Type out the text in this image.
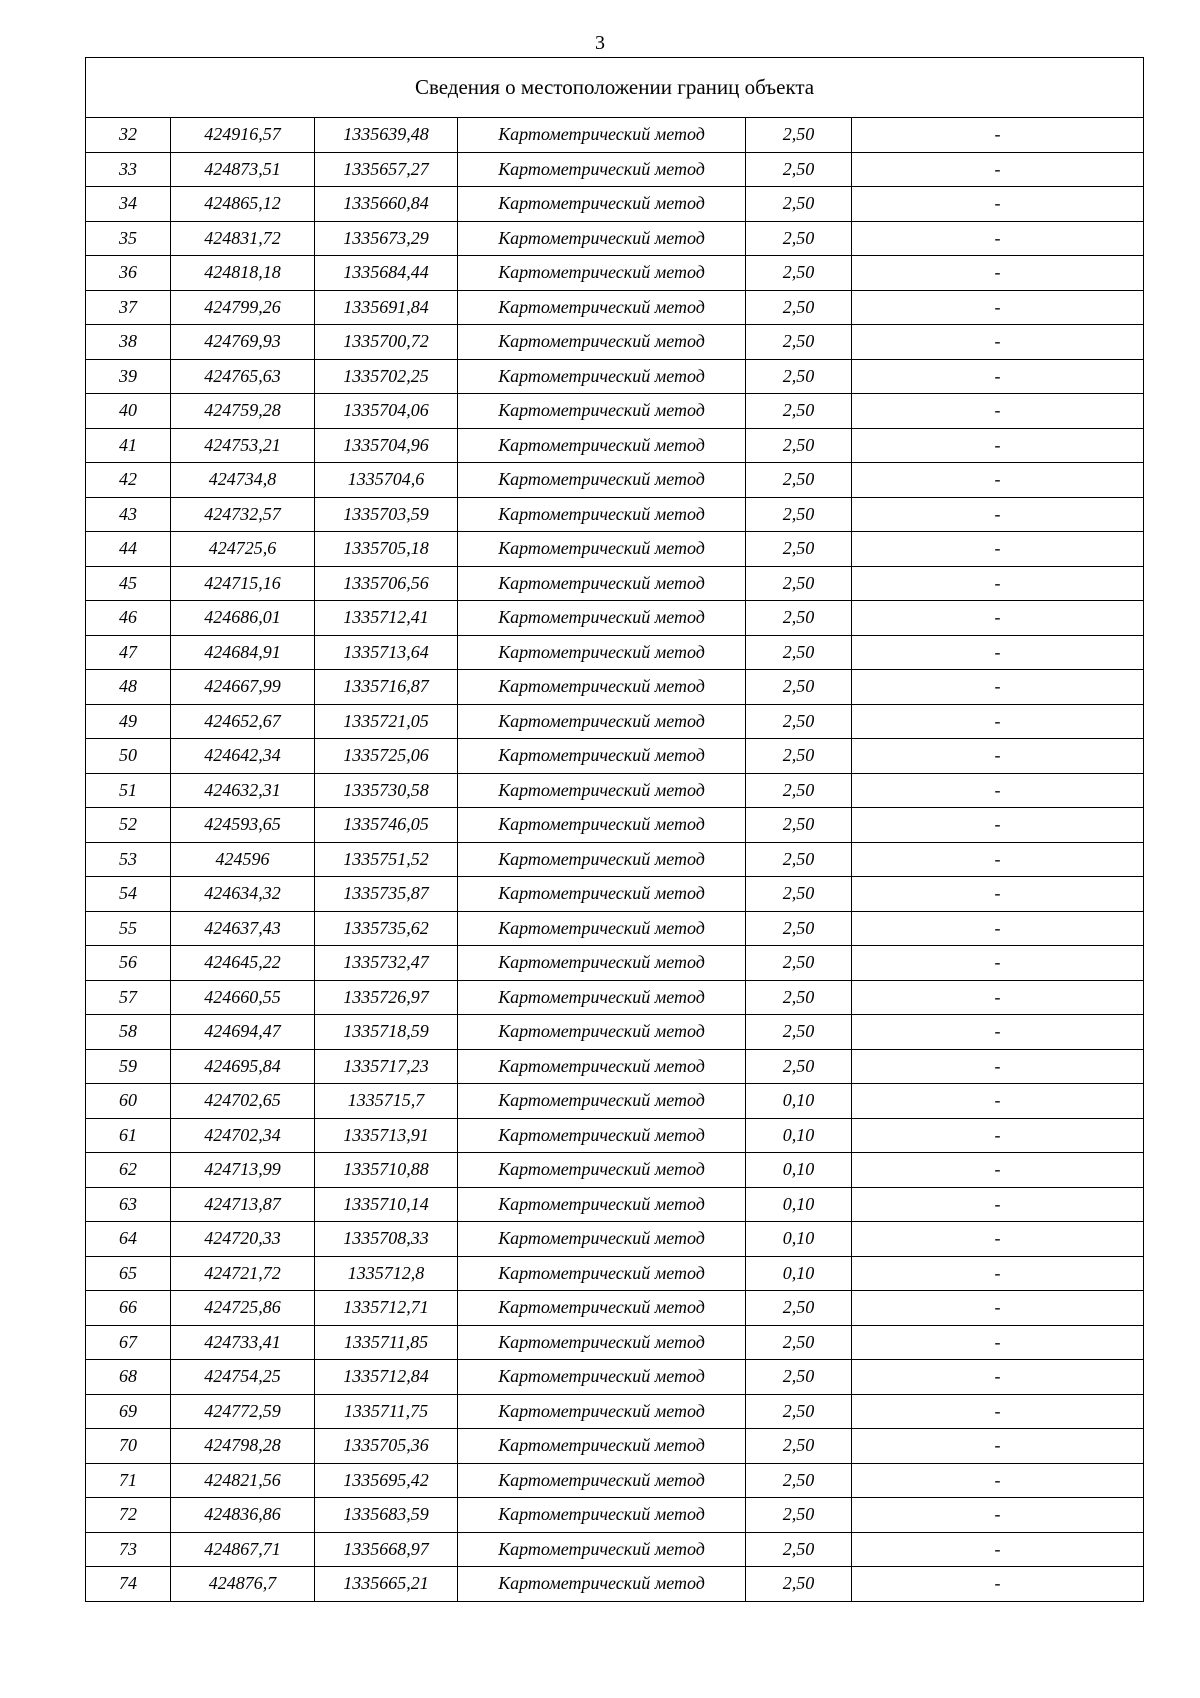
3
Сведения о местоположении границ объекта					
32	424916,57	1335639,48	Картометрический метод	2,50	-
33	424873,51	1335657,27	Картометрический метод	2,50	-
34	424865,12	1335660,84	Картометрический метод	2,50	-
35	424831,72	1335673,29	Картометрический метод	2,50	-
36	424818,18	1335684,44	Картометрический метод	2,50	-
37	424799,26	1335691,84	Картометрический метод	2,50	-
38	424769,93	1335700,72	Картометрический метод	2,50	-
39	424765,63	1335702,25	Картометрический метод	2,50	-
40	424759,28	1335704,06	Картометрический метод	2,50	-
41	424753,21	1335704,96	Картометрический метод	2,50	-
42	424734,8	1335704,6	Картометрический метод	2,50	-
43	424732,57	1335703,59	Картометрический метод	2,50	-
44	424725,6	1335705,18	Картометрический метод	2,50	-
45	424715,16	1335706,56	Картометрический метод	2,50	-
46	424686,01	1335712,41	Картометрический метод	2,50	-
47	424684,91	1335713,64	Картометрический метод	2,50	-
48	424667,99	1335716,87	Картометрический метод	2,50	-
49	424652,67	1335721,05	Картометрический метод	2,50	-
50	424642,34	1335725,06	Картометрический метод	2,50	-
51	424632,31	1335730,58	Картометрический метод	2,50	-
52	424593,65	1335746,05	Картометрический метод	2,50	-
53	424596	1335751,52	Картометрический метод	2,50	-
54	424634,32	1335735,87	Картометрический метод	2,50	-
55	424637,43	1335735,62	Картометрический метод	2,50	-
56	424645,22	1335732,47	Картометрический метод	2,50	-
57	424660,55	1335726,97	Картометрический метод	2,50	-
58	424694,47	1335718,59	Картометрический метод	2,50	-
59	424695,84	1335717,23	Картометрический метод	2,50	-
60	424702,65	1335715,7	Картометрический метод	0,10	-
61	424702,34	1335713,91	Картометрический метод	0,10	-
62	424713,99	1335710,88	Картометрический метод	0,10	-
63	424713,87	1335710,14	Картометрический метод	0,10	-
64	424720,33	1335708,33	Картометрический метод	0,10	-
65	424721,72	1335712,8	Картометрический метод	0,10	-
66	424725,86	1335712,71	Картометрический метод	2,50	-
67	424733,41	1335711,85	Картометрический метод	2,50	-
68	424754,25	1335712,84	Картометрический метод	2,50	-
69	424772,59	1335711,75	Картометрический метод	2,50	-
70	424798,28	1335705,36	Картометрический метод	2,50	-
71	424821,56	1335695,42	Картометрический метод	2,50	-
72	424836,86	1335683,59	Картометрический метод	2,50	-
73	424867,71	1335668,97	Картометрический метод	2,50	-
74	424876,7	1335665,21	Картометрический метод	2,50	-
